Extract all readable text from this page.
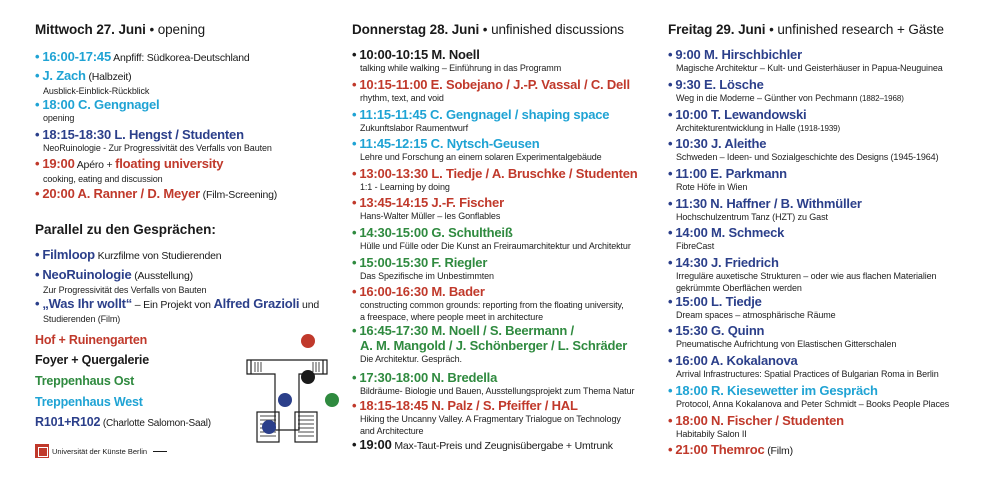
Mittwoch 27. Juni • opening
• 16:00-17:45 Anpfiff: Südkorea-Deutschland
• J. Zach (Halbzeit)
Ausblick-Einblick-Rückblick
• 18:00 C. Gengnagel
opening
• 18:15-18:30 L. Hengst / Studenten
NeoRuinologie - Zur Progressivität des Verfalls von Bauten
• 19:00 Apéro + floating university
cooking, eating and discussion
• 20:00 A. Ranner / D. Meyer (Film-Screening)
Parallel zu den Gesprächen:
• Filmloop Kurzfilme von Studierenden
• NeoRuinologie (Ausstellung)
Zur Progressivität des Verfalls von Bauten
• „Was Ihr wollt“ – Ein Projekt von Alfred Grazioli und
Studierenden (Film)
Hof + Ruinengarten
Foyer + Quergalerie
Treppenhaus Ost
Treppenhaus West
R101+R102 (Charlotte Salomon-Saal)
Universität der Künste Berlin
Donnerstag 28. Juni • unfinished discussions
• 10:00-10:15 M. Noell
talking while walking – Einführung in das Programm
• 10:15-11:00 E. Sobejano / J.-P. Vassal / C. Dell
rhythm, text, and void
• 11:15-11:45 C. Gengnagel / shaping space
Zukunftslabor Raumentwurf
• 11:45-12:15 C. Nytsch-Geusen
Lehre und Forschung an einem solaren Experimentalgebäude
• 13:00-13:30 L. Tiedje / A. Bruschke / Studenten
1:1 - Learning by doing
• 13:45-14:15 J.-F. Fischer
Hans-Walter Müller – les Gonflables
• 14:30-15:00 G. Schultheiß
Hülle und Fülle oder Die Kunst an Freiraumarchitektur und Architektur
• 15:00-15:30 F. Riegler
Das Spezifische im Unbestimmten
• 16:00-16:30 M. Bader
constructing common grounds: reporting from the floating university,
a freespace, where people meet in architecture
• 16:45-17:30 M. Noell / S. Beermann /
A. M. Mangold / J. Schönberger / L. Schräder
Die Architektur. Gespräch.
• 17:30-18:00 N. Bredella
Bildräume- Biologie und Bauen, Ausstellungsprojekt zum Thema Natur
• 18:15-18:45 N. Palz / S. Pfeiffer / HAL
Hiking the Uncanny Valley. A Fragmentary Trialogue on Technology
and Architecture
• 19:00 Max-Taut-Preis und Zeugnisübergabe + Umtrunk
Freitag 29. Juni • unfinished research + Gäste
• 9:00 M. Hirschbichler
Magische Architektur – Kult- und Geisterhäuser in Papua-Neuguinea
• 9:30 E. Lösche
Weg in die Moderne – Günther von Pechmann (1882–1968)
• 10:00 T. Lewandowski
Architekturentwicklung in Halle (1918-1939)
• 10:30 J. Aleithe
Schweden – Ideen- und Sozialgeschichte des Designs (1945-1964)
• 11:00 E. Parkmann
Rote Höfe in Wien
• 11:30 N. Haffner / B. Withmüller
Hochschulzentrum Tanz (HZT) zu Gast
• 14:00 M. Schmeck
FibreCast
• 14:30 J. Friedrich
Irreguläre auxetische Strukturen – oder wie aus flachen Materialien
gekrümmte Oberflächen werden
• 15:00 L. Tiedje
Dream spaces – atmosphärische Räume
• 15:30 G. Quinn
Pneumatische Aufrichtung von Elastischen Gitterschalen
• 16:00 A. Kokalanova
Arrival Infrastructures: Spatial Practices of Bulgarian Roma in Berlin
• 18:00 R. Kiesewetter im Gespräch
Protocol, Anna Kokalanova and Peter Schmidt – Books People Places
• 18:00 N. Fischer / Studenten
Habitabily Salon II
• 21:00 Themroc (Film)
